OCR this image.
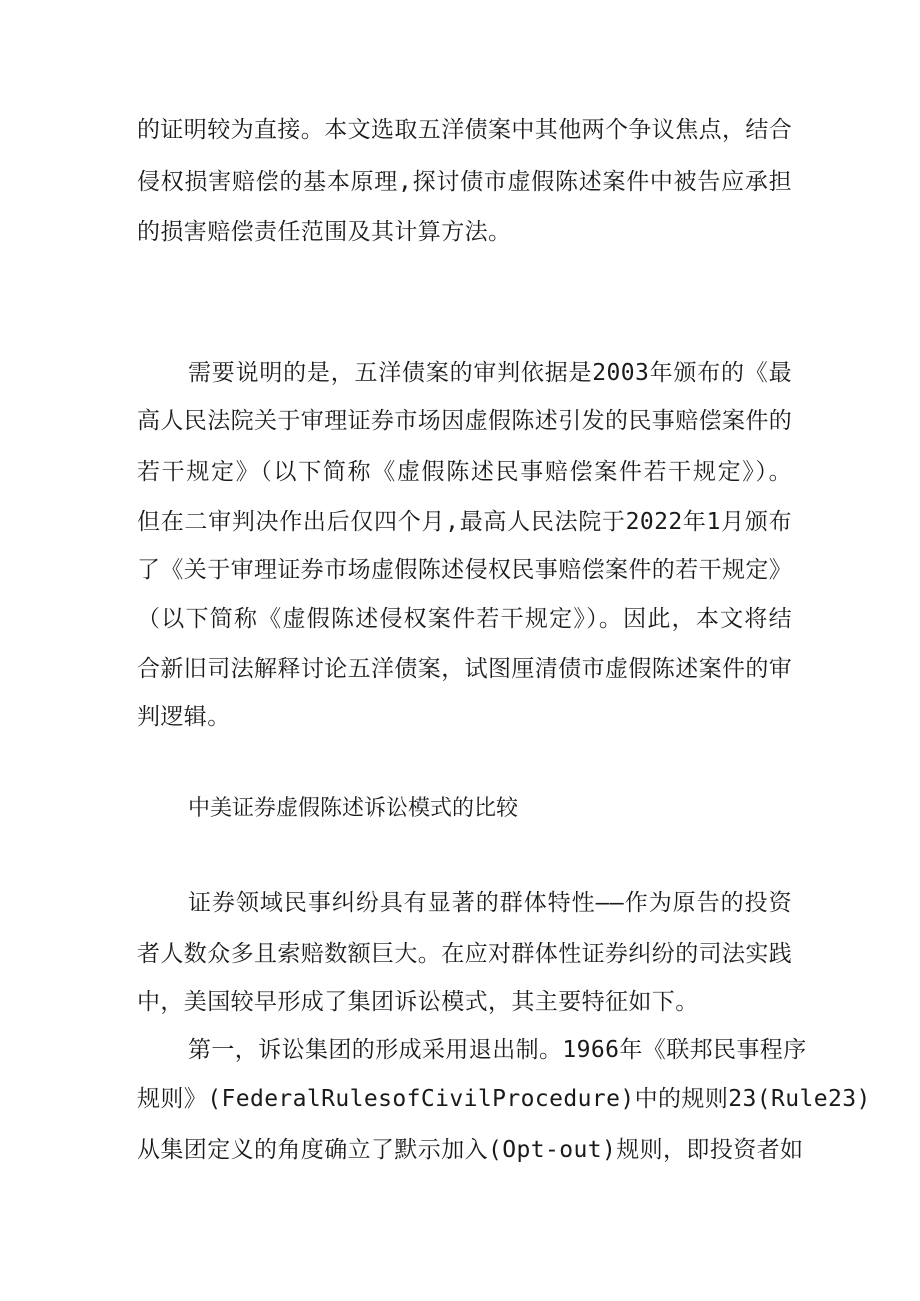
的证明较为直接。本文选取五洋债案中其他两个争议焦点，结合
侵权损害赔偿的基本原理,探讨债市虚假陈述案件中被告应承担
的损害赔偿责任范围及其计算方法。
需要说明的是，五洋债案的审判依据是2003年颁布的《最
高人民法院关于审理证券市场因虚假陈述引发的民事赔偿案件的
若干规定》（以下简称《虚假陈述民事赔偿案件若干规定》）。
但在二审判决作出后仅四个月,最高人民法院于2022年1月颁布
了《关于审理证券市场虚假陈述侵权民事赔偿案件的若干规定》
（以下简称《虚假陈述侵权案件若干规定》）。因此，本文将结
合新旧司法解释讨论五洋债案，试图厘清债市虚假陈述案件的审
判逻辑。
中美证券虚假陈述诉讼模式的比较
证券领域民事纠纷具有显著的群体特性——作为原告的投资
者人数众多且索赔数额巨大。在应对群体性证券纠纷的司法实践
中，美国较早形成了集团诉讼模式，其主要特征如下。
第一，诉讼集团的形成采用退出制。1966年《联邦民事程序
规则》(FederalRulesofCivilProcedure)中的规则23(Rule23)
从集团定义的角度确立了默示加入(Opt-out)规则，即投资者如
